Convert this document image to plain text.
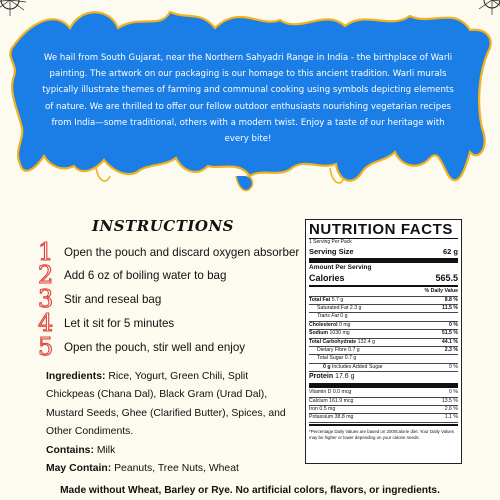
We hail from South Gujarat, near the Northern Sahyadri Range in India - the birthplace of Warli painting. The artwork on our packaging is our homage to this ancient tradition. Warli murals typically illustrate themes of farming and communal cooking using symbols depicting elements of nature. We are thrilled to offer our fellow outdoor enthusiasts nourishing vegetarian recipes from India—some traditional, others with a modern twist. Enjoy a taste of our heritage with every bite!

INSTRUCTIONS
1 Open the pouch and discard oxygen absorber
2 Add 6 oz of boiling water to bag
3 Stir and reseal bag
4 Let it sit for 5 minutes
5 Open the pouch, stir well and enjoy
Ingredients: Rice, Yogurt, Green Chili, Split Chickpeas (Chana Dal), Black Gram (Urad Dal), Mustard Seeds, Ghee (Clarified Butter), Spices, and Other Condiments.
Contains: Milk
May Contain: Peanuts, Tree Nuts, Wheat
NUTRITION FACTS
1 Serving Per Pack
Serving Size	62 g
Amount Per Serving
Calories	565.5
% Daily Value
Total Fat 5.7 g	8.8 %
Saturated Fat 2.3 g	11.5 %
Trans Fat 0 g
Cholesterol 0 mg	0 %
Sodium 1030 mg	51.5 %
Total Carbohydrate 132.4 g	44.1 %
Dietary Fibre 0.7 g	2.3 %
Total Sugar 0.7 g
0 g Includes Added Sugar	0 %
Protein 17.6 g
Vitamin D 0.0 mcg	0 %
Calcium 161.9 mcg	13.5 %
Iron 0.5 mg	2.6 %
Potassium 38.8 mg	1.1 %
*Percentage Daily Values are based on 2000calorie diet. Your Daily Values may be higher or lower depending on your calorie needs.

Made without Wheat, Barley or Rye. No artificial colors, flavors, or ingredients.
